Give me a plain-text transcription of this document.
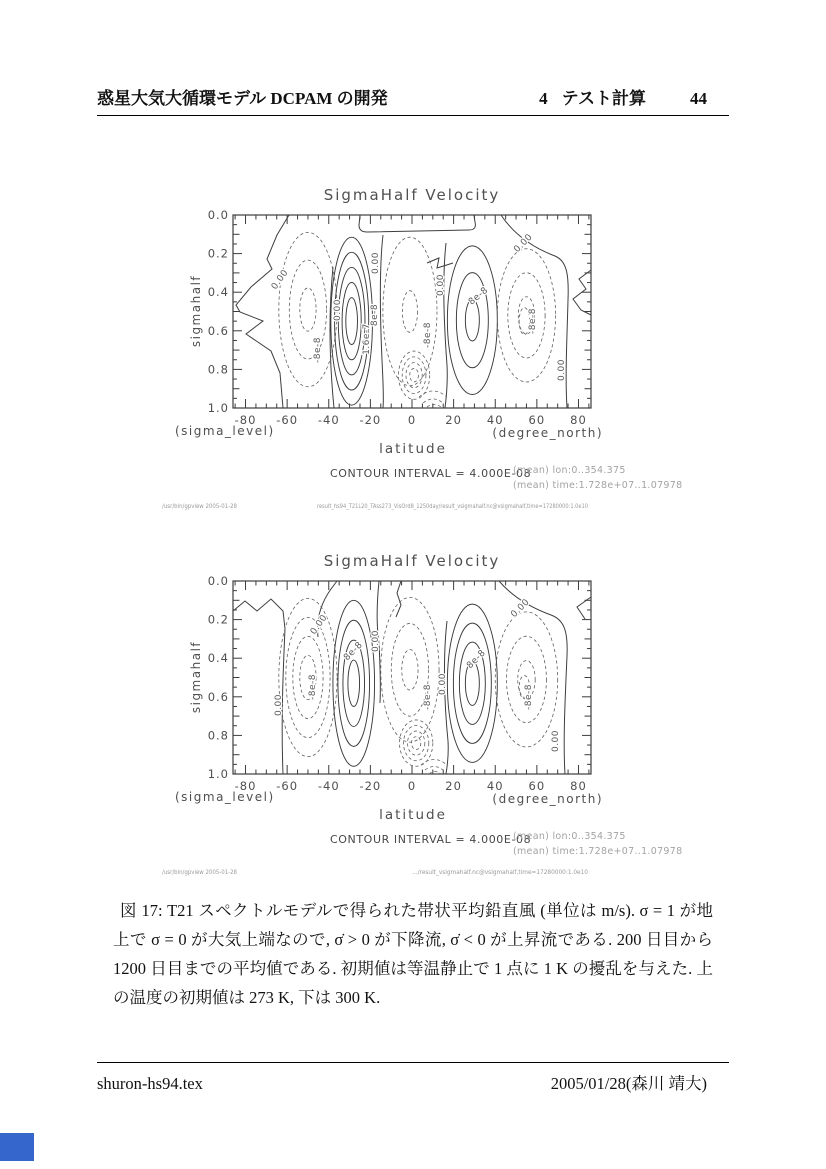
惑星大気大循環モデル DCPAM の開発	4 テスト計算	44
SigmaHalf Velocity
sigmahalf
(sigma_level)	(degree_north)
latitude
CONTOUR INTERVAL = 4.000E-08
(mean) lon:0..354.375
(mean) time:1.728e+07..1.07978
/usr/bin/gpview 2005-01-28	result_hs94_T21L20_TAss273_VisOrd8_1250day/result_vsigmahalf.nc@vsigmahalf,time=17280000:1.0e10
-80 -60 -40 -20 0	20 40 60 80
0.0
0.2
0.4
0.6
0.8
1.0
0.00
-8e-8
0.00	8e-8
1.6e-7
0.00
-8e-8
0.00
8e-8
0.00
-8e-8
0.00
SigmaHalf Velocity
sigmahalf
(sigma_level)	(degree_north)
latitude
CONTOUR INTERVAL = 4.000E-08
(mean) lon:0..354.375
(mean) time:1.728e+07..1.07978
/usr/bin/gpview 2005-01-28	.../result_vsigmahalf.nc@vsigmahalf,time=17280000:1.0e10
-80 -60 -40 -20 0	20 40 60 80
0.0
0.2
0.4
0.6
0.8
1.0
0.00
0.00
-8e-8
8e-8 0.00
-8e-8
0.00
8e-8
0.00
-8e-8
0.00
図 17: T21 スペクトルモデルで得られた帯状平均鉛直風 (単位は m/s). σ = 1 が地上で σ = 0 が大気上端なので, σ̇ > 0 が下降流, σ̇ < 0 が上昇流である. 200 日目から 1200 日目までの平均値である. 初期値は等温静止で 1 点に 1 K の擾乱を与えた. 上の温度の初期値は 273 K, 下は 300 K.
shuron-hs94.tex	2005/01/28(森川 靖大)
